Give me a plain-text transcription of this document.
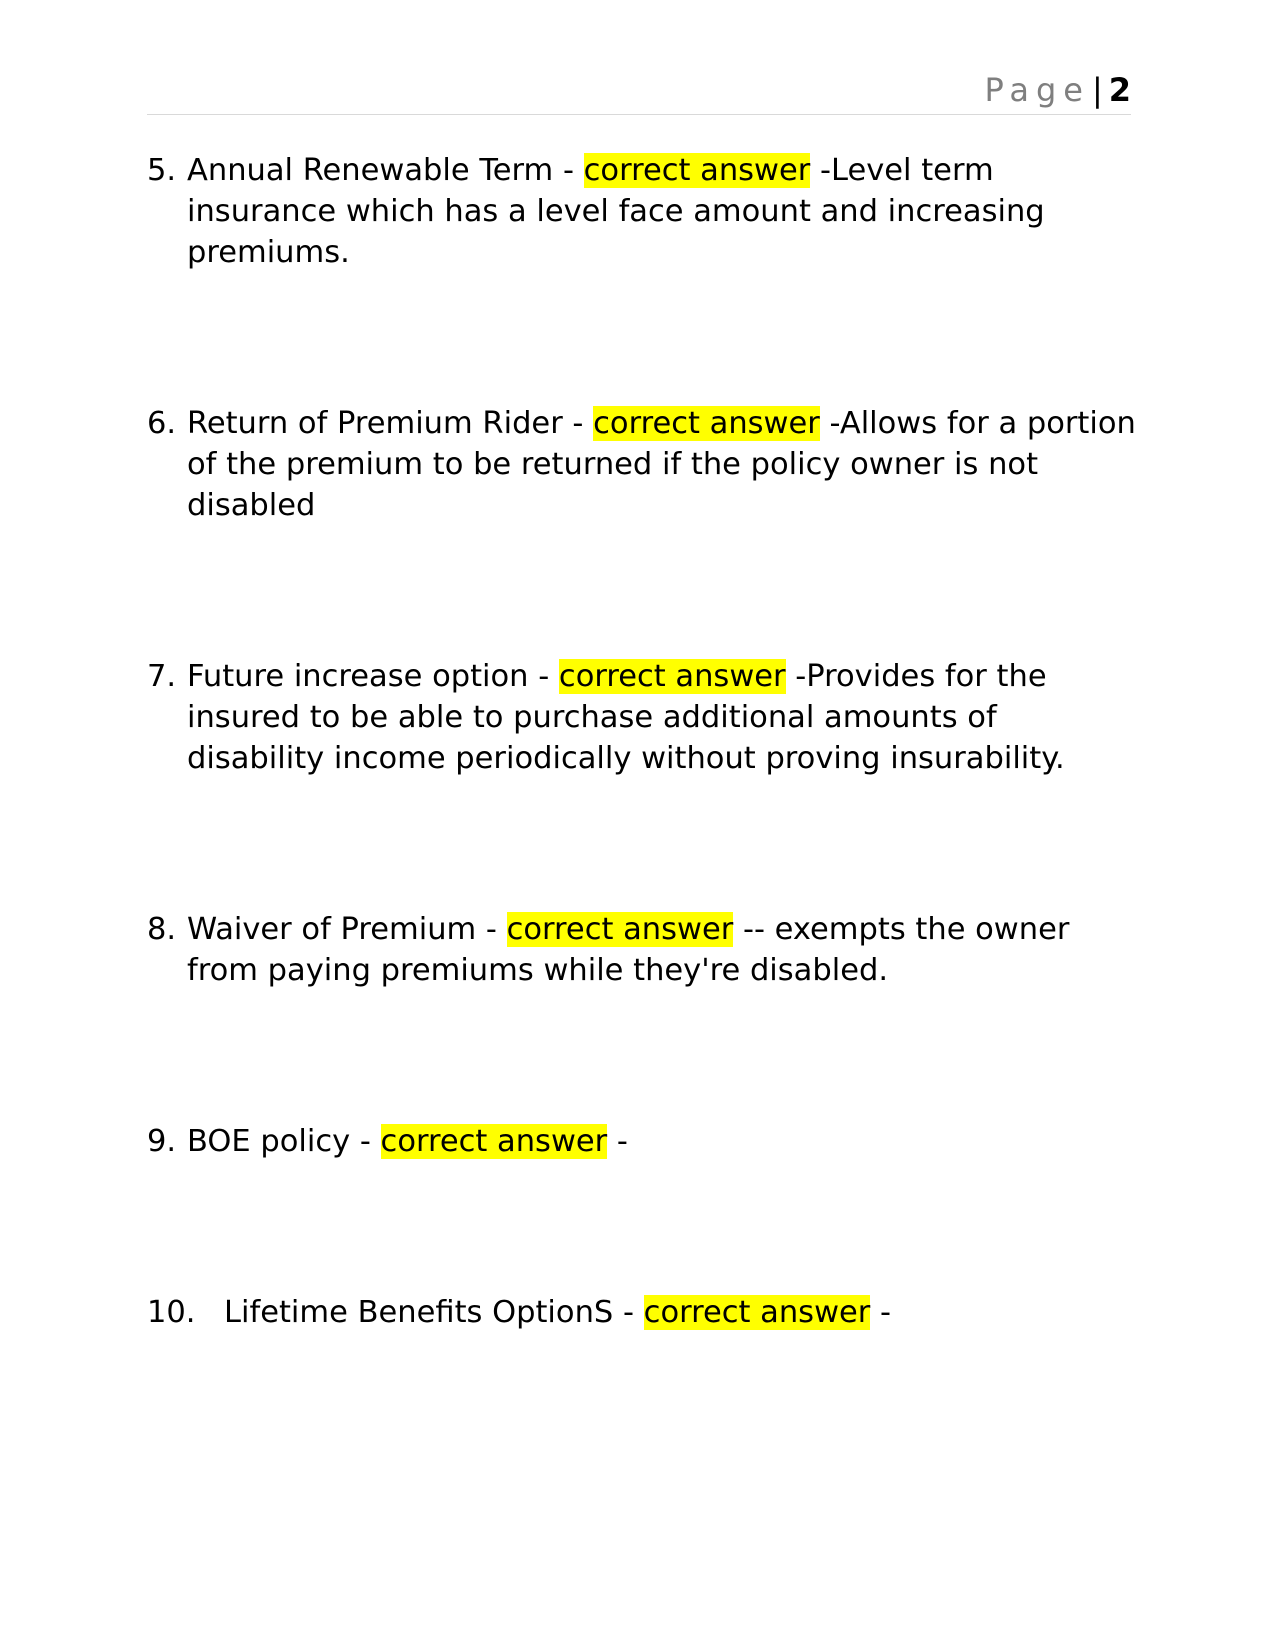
Page| 2
5. Annual Renewable Term - correct answer -Level term insurance which has a level face amount and increasing premiums.
6. Return of Premium Rider - correct answer -Allows for a portion of the premium to be returned if the policy owner is not disabled
7. Future increase option - correct answer -Provides for the insured to be able to purchase additional amounts of disability income periodically without proving insurability.
8. Waiver of Premium - correct answer -- exempts the owner from paying premiums while they're disabled.
9. BOE policy - correct answer -
10. Lifetime Benefits OptionS - correct answer -
